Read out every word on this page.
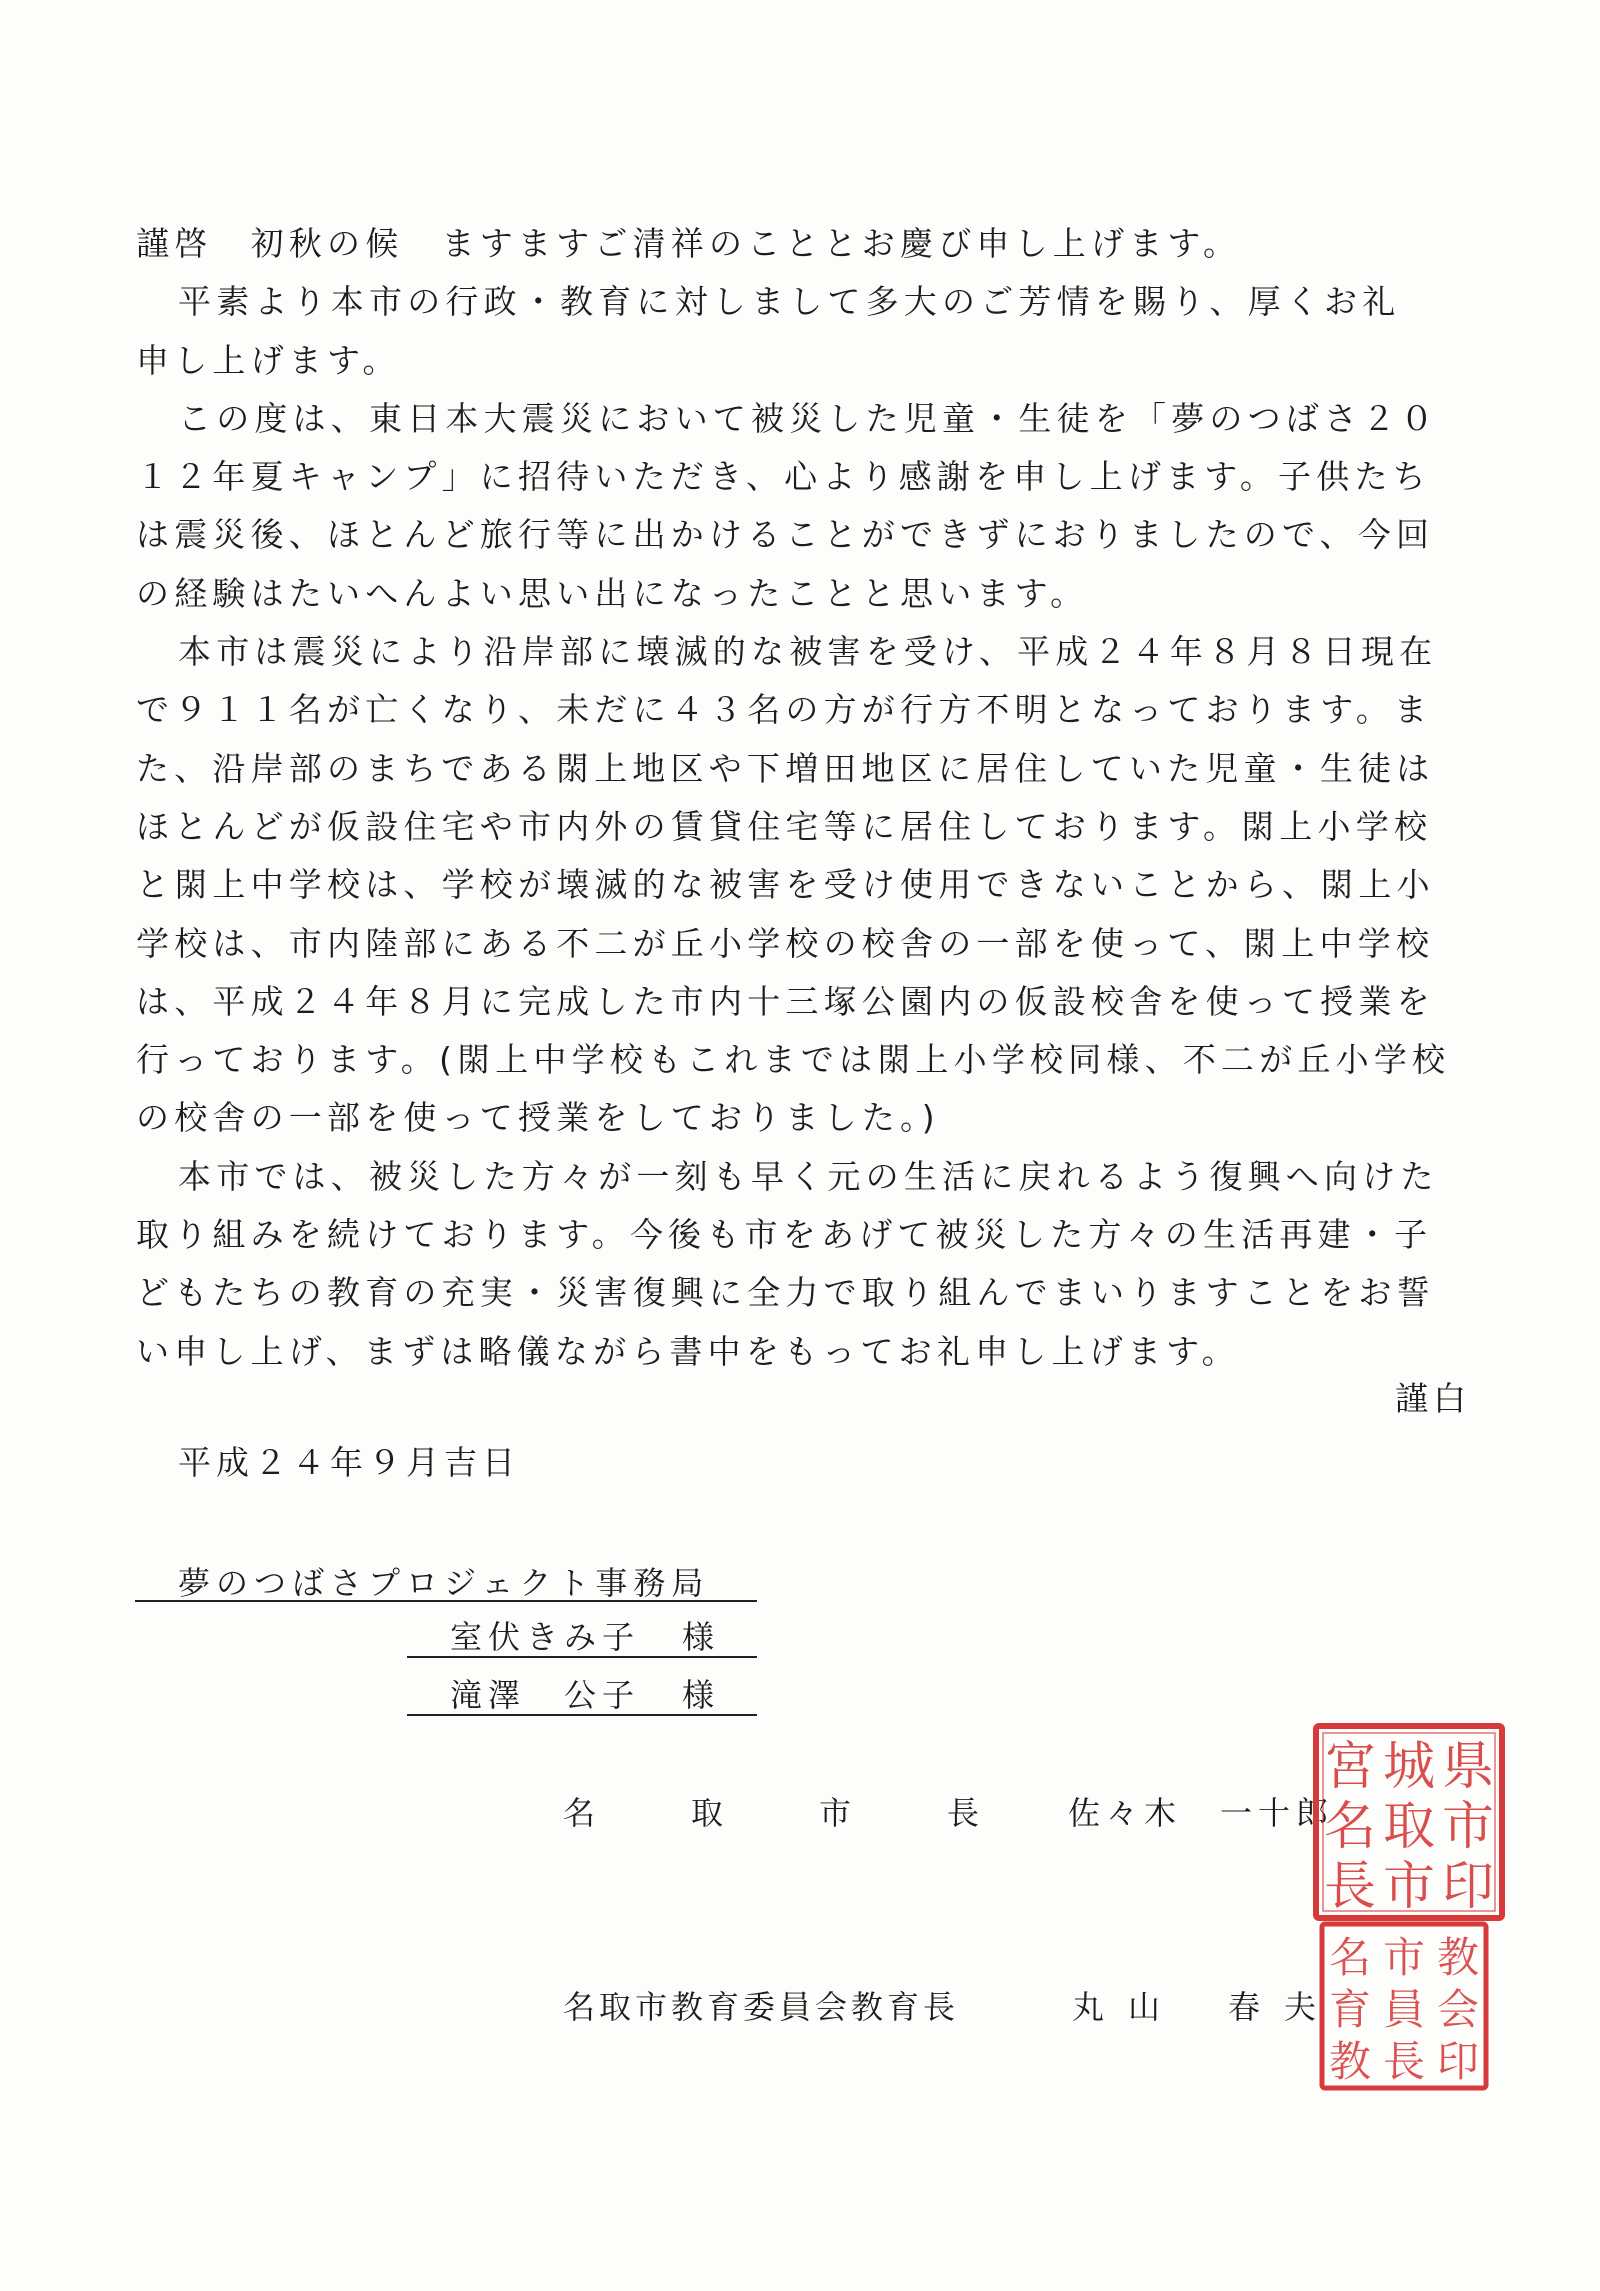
謹啓　初秋の候　ますますご清祥のこととお慶び申し上げます。
平素より本市の行政・教育に対しまして多大のご芳情を賜り、厚くお礼
申し上げます。
この度は、東日本大震災において被災した児童・生徒を「夢のつばさ２０
１２年夏キャンプ」に招待いただき、心より感謝を申し上げます。子供たち
は震災後、ほとんど旅行等に出かけることができずにおりましたので、今回
の経験はたいへんよい思い出になったことと思います。
本市は震災により沿岸部に壊滅的な被害を受け、平成２４年８月８日現在
で９１１名が亡くなり、未だに４３名の方が行方不明となっております。ま
た、沿岸部のまちである閖上地区や下増田地区に居住していた児童・生徒は
ほとんどが仮設住宅や市内外の賃貸住宅等に居住しております。閖上小学校
と閖上中学校は、学校が壊滅的な被害を受け使用できないことから、閖上小
学校は、市内陸部にある不二が丘小学校の校舎の一部を使って、閖上中学校
は、平成２４年８月に完成した市内十三塚公園内の仮設校舎を使って授業を
行っております。(閖上中学校もこれまでは閖上小学校同様、不二が丘小学校
の校舎の一部を使って授業をしておりました。)
本市では、被災した方々が一刻も早く元の生活に戻れるよう復興へ向けた
取り組みを続けております。今後も市をあげて被災した方々の生活再建・子
どもたちの教育の充実・災害復興に全力で取り組んでまいりますことをお誓
い申し上げ、まずは略儀ながら書中をもってお礼申し上げます。
謹白
平成２４年９月吉日
夢のつばさプロジェクト事務局
室伏きみ子 様
滝澤　公子 様
名	取	市	長	佐々木　一十郎
名取市教育委員会教育長	丸 山 春 夫
県
市
印
城
取
市
宮
名
長
教
会
印
市
員
長
名
育
教
